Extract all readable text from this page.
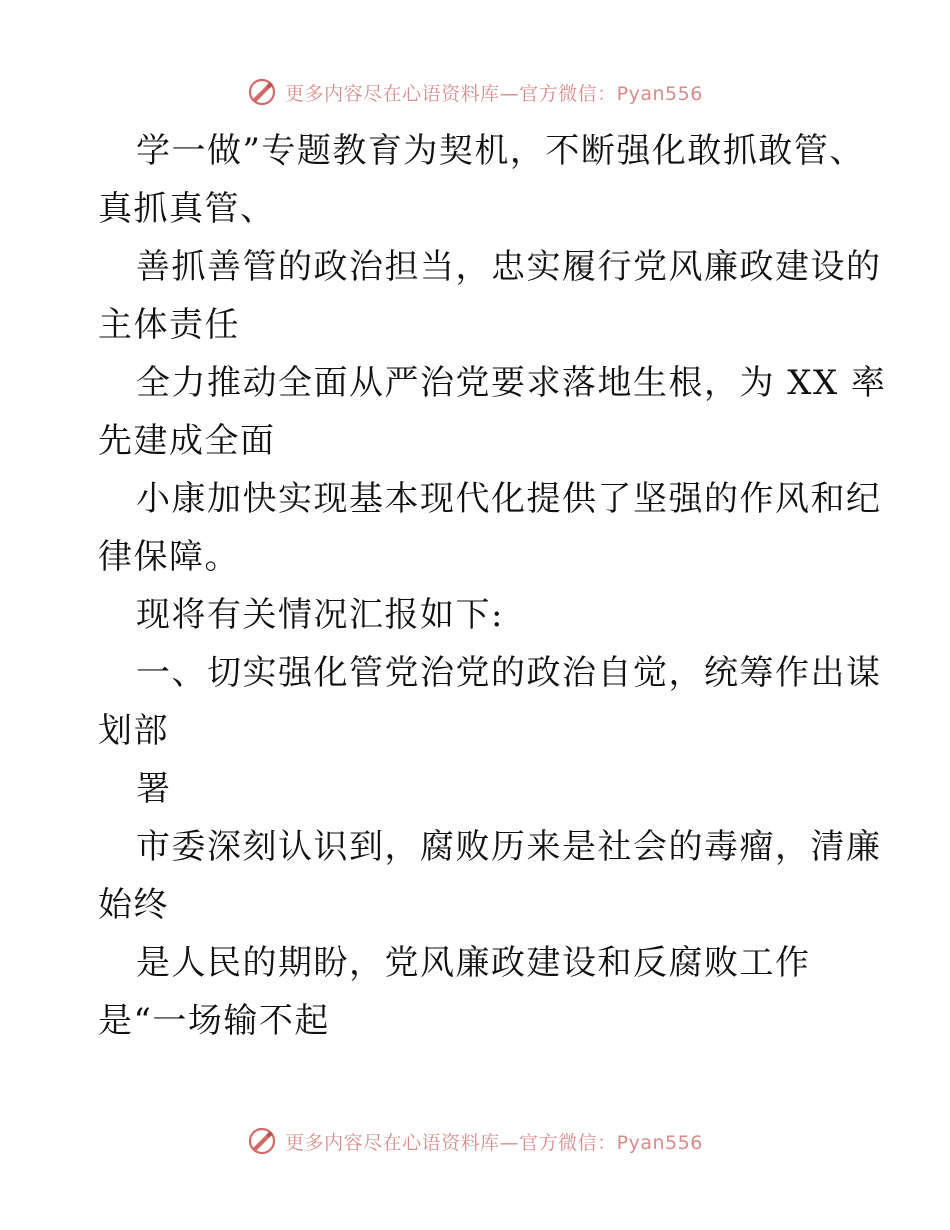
更多内容尽在心语资料库—官方微信：Pyan556
学一做”专题教育为契机，不断强化敢抓敢管、
真抓真管、
善抓善管的政治担当，忠实履行党风廉政建设的
主体责任
全力推动全面从严治党要求落地生根，为 XX 率
先建成全面
小康加快实现基本现代化提供了坚强的作风和纪
律保障。
现将有关情况汇报如下:
一、切实强化管党治党的政治自觉，统筹作出谋
划部
署
市委深刻认识到，腐败历来是社会的毒瘤，清廉
始终
是人民的期盼，党风廉政建设和反腐败工作
是“一场输不起
更多内容尽在心语资料库—官方微信：Pyan556
